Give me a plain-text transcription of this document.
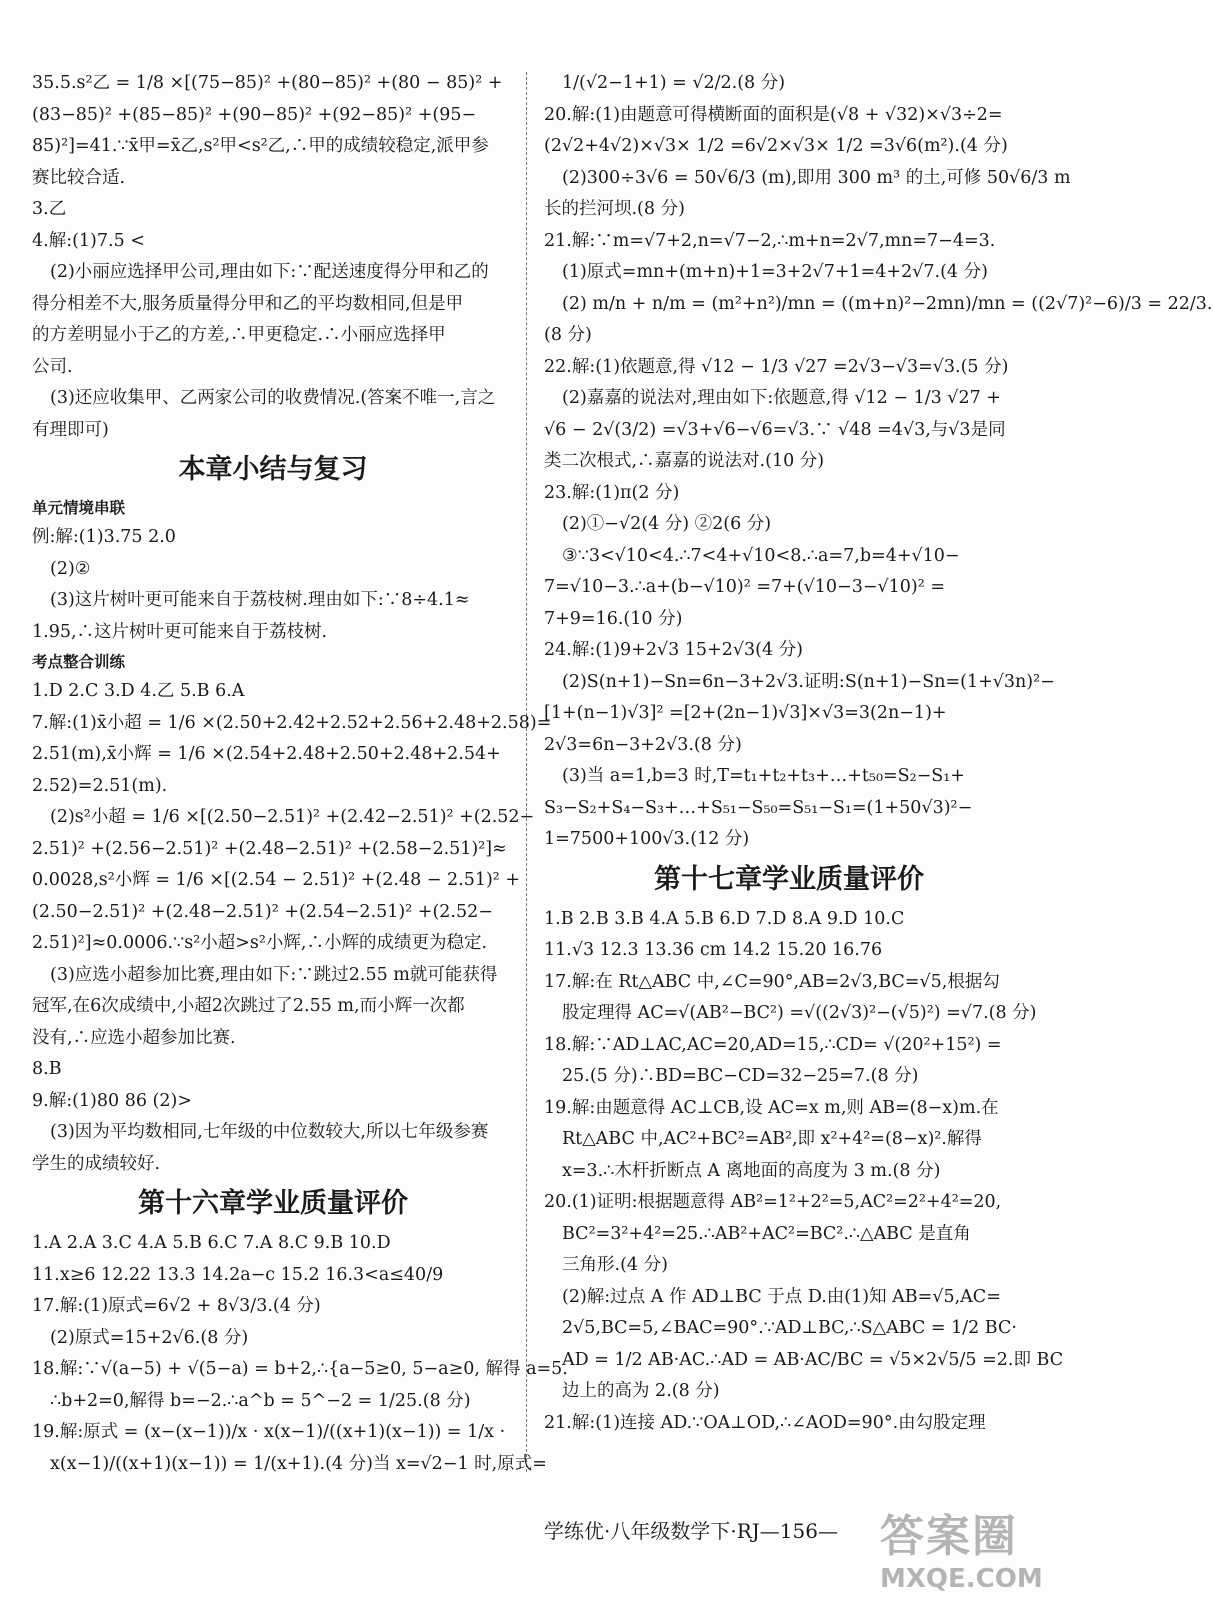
35.5.s²乙 = 1/8 ×[(75−85)² +(80−85)² +(80 − 85)² +
(83−85)² +(85−85)² +(90−85)² +(92−85)² +(95−
85)²]=41.∵x̄甲=x̄乙,s²甲<s²乙,∴甲的成绩较稳定,派甲参
赛比较合适.
3.乙
4.解:(1)7.5 <
(2)小丽应选择甲公司,理由如下:∵配送速度得分甲和乙的
得分相差不大,服务质量得分甲和乙的平均数相同,但是甲
的方差明显小于乙的方差,∴甲更稳定.∴小丽应选择甲
公司.
(3)还应收集甲、乙两家公司的收费情况.(答案不唯一,言之
有理即可)
本章小结与复习
单元情境串联
例:解:(1)3.75 2.0
(2)②
(3)这片树叶更可能来自于荔枝树.理由如下:∵8÷4.1≈
1.95,∴这片树叶更可能来自于荔枝树.
考点整合训练
1.D 2.C 3.D 4.乙 5.B 6.A
7.解:(1)x̄小超 = 1/6 ×(2.50+2.42+2.52+2.56+2.48+2.58)=
2.51(m),x̄小辉 = 1/6 ×(2.54+2.48+2.50+2.48+2.54+
2.52)=2.51(m).
(2)s²小超 = 1/6 ×[(2.50−2.51)² +(2.42−2.51)² +(2.52−
2.51)² +(2.56−2.51)² +(2.48−2.51)² +(2.58−2.51)²]≈
0.0028,s²小辉 = 1/6 ×[(2.54 − 2.51)² +(2.48 − 2.51)² +
(2.50−2.51)² +(2.48−2.51)² +(2.54−2.51)² +(2.52−
2.51)²]≈0.0006.∵s²小超>s²小辉,∴小辉的成绩更为稳定.
(3)应选小超参加比赛,理由如下:∵跳过2.55 m就可能获得
冠军,在6次成绩中,小超2次跳过了2.55 m,而小辉一次都
没有,∴应选小超参加比赛.
8.B
9.解:(1)80 86 (2)>
(3)因为平均数相同,七年级的中位数较大,所以七年级参赛
学生的成绩较好.
第十六章学业质量评价
1.A 2.A 3.C 4.A 5.B 6.C 7.A 8.C 9.B 10.D
11.x≥6 12.22 13.3 14.2a−c 15.2 16.3<a≤40/9
17.解:(1)原式=6√2 + 8√3/3.(4 分)
(2)原式=15+2√6.(8 分)
18.解:∵√(a−5) + √(5−a) = b+2,∴{a−5≥0, 5−a≥0, 解得 a=5.
∴b+2=0,解得 b=−2.∴a^b = 5^−2 = 1/25.(8 分)
19.解:原式 = (x−(x−1))/x · x(x−1)/((x+1)(x−1)) = 1/x ·
x(x−1)/((x+1)(x−1)) = 1/(x+1).(4 分)当 x=√2−1 时,原式=
1/(√2−1+1) = √2/2.(8 分)
20.解:(1)由题意可得横断面的面积是(√8 + √32)×√3÷2=
(2√2+4√2)×√3× 1/2 =6√2×√3× 1/2 =3√6(m²).(4 分)
(2)300÷3√6 = 50√6/3 (m),即用 300 m³ 的土,可修 50√6/3 m
长的拦河坝.(8 分)
21.解:∵m=√7+2,n=√7−2,∴m+n=2√7,mn=7−4=3.
(1)原式=mn+(m+n)+1=3+2√7+1=4+2√7.(4 分)
(2) m/n + n/m = (m²+n²)/mn = ((m+n)²−2mn)/mn = ((2√7)²−6)/3 = 22/3.
(8 分)
22.解:(1)依题意,得 √12 − 1/3 √27 =2√3−√3=√3.(5 分)
(2)嘉嘉的说法对,理由如下:依题意,得 √12 − 1/3 √27 +
√6 − 2√(3/2) =√3+√6−√6=√3.∵ √48 =4√3,与√3是同
类二次根式,∴嘉嘉的说法对.(10 分)
23.解:(1)π(2 分)
(2)①−√2(4 分) ②2(6 分)
③∵3<√10<4.∴7<4+√10<8.∴a=7,b=4+√10−
7=√10−3.∴a+(b−√10)² =7+(√10−3−√10)² =
7+9=16.(10 分)
24.解:(1)9+2√3 15+2√3(4 分)
(2)S(n+1)−Sn=6n−3+2√3.证明:S(n+1)−Sn=(1+√3n)²−
[1+(n−1)√3]² =[2+(2n−1)√3]×√3=3(2n−1)+
2√3=6n−3+2√3.(8 分)
(3)当 a=1,b=3 时,T=t₁+t₂+t₃+…+t₅₀=S₂−S₁+
S₃−S₂+S₄−S₃+…+S₅₁−S₅₀=S₅₁−S₁=(1+50√3)²−
1=7500+100√3.(12 分)
第十七章学业质量评价
1.B 2.B 3.B 4.A 5.B 6.D 7.D 8.A 9.D 10.C
11.√3 12.3 13.36 cm 14.2 15.20 16.76
17.解:在 Rt△ABC 中,∠C=90°,AB=2√3,BC=√5,根据勾
股定理得 AC=√(AB²−BC²) =√((2√3)²−(√5)²) =√7.(8 分)
18.解:∵AD⊥AC,AC=20,AD=15,∴CD= √(20²+15²) =
25.(5 分)∴BD=BC−CD=32−25=7.(8 分)
19.解:由题意得 AC⊥CB,设 AC=x m,则 AB=(8−x)m.在
Rt△ABC 中,AC²+BC²=AB²,即 x²+4²=(8−x)².解得
x=3.∴木杆折断点 A 离地面的高度为 3 m.(8 分)
20.(1)证明:根据题意得 AB²=1²+2²=5,AC²=2²+4²=20,
BC²=3²+4²=25.∴AB²+AC²=BC².∴△ABC 是直角
三角形.(4 分)
(2)解:过点 A 作 AD⊥BC 于点 D.由(1)知 AB=√5,AC=
2√5,BC=5,∠BAC=90°.∵AD⊥BC,∴S△ABC = 1/2 BC·
AD = 1/2 AB·AC.∴AD = AB·AC/BC = √5×2√5/5 =2.即 BC
边上的高为 2.(8 分)
21.解:(1)连接 AD.∵OA⊥OD,∴∠AOD=90°.由勾股定理
学练优·八年级数学下·RJ—156— 答案圈
MXQE.COM
